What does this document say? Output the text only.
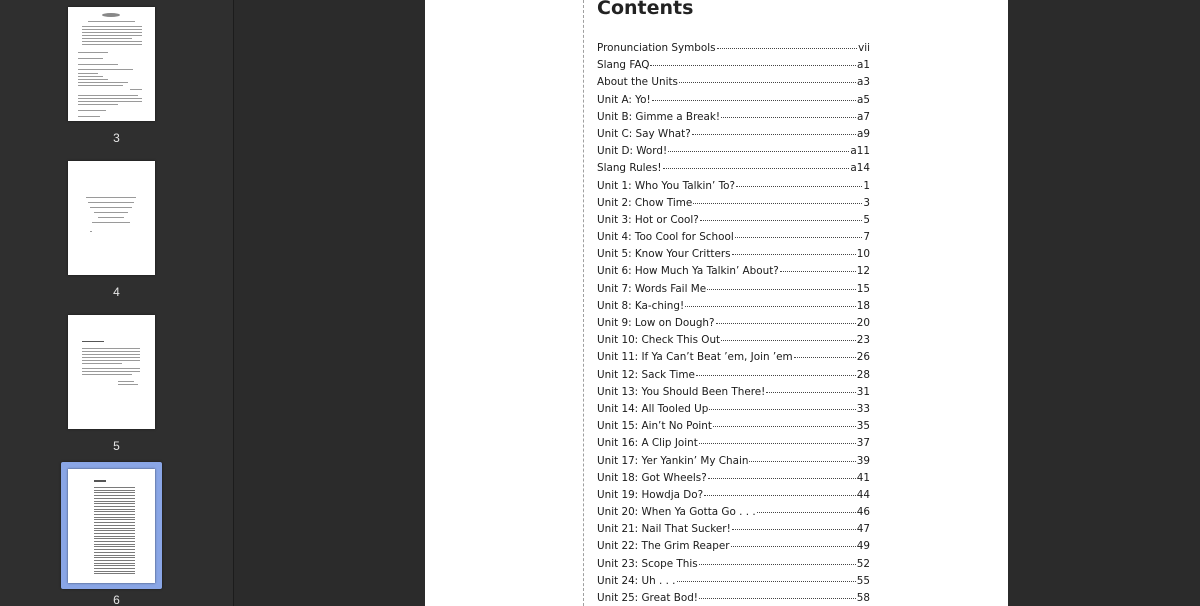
3
4
5
6
Contents
Pronunciation Symbols	vii
Slang FAQ	a1
About the Units	a3
Unit A: Yo!	a5
Unit B: Gimme a Break!	a7
Unit C: Say What?	a9
Unit D: Word!	a11
Slang Rules!	a14
Unit 1: Who You Talkin’ To?	1
Unit 2: Chow Time	3
Unit 3: Hot or Cool?	5
Unit 4: Too Cool for School	7
Unit 5: Know Your Critters	10
Unit 6: How Much Ya Talkin’ About?	12
Unit 7: Words Fail Me	15
Unit 8: Ka-ching!	18
Unit 9: Low on Dough?	20
Unit 10: Check This Out	23
Unit 11: If Ya Can’t Beat ’em, Join ’em	26
Unit 12: Sack Time	28
Unit 13: You Should Been There!	31
Unit 14: All Tooled Up	33
Unit 15: Ain’t No Point	35
Unit 16: A Clip Joint	37
Unit 17: Yer Yankin’ My Chain	39
Unit 18: Got Wheels?	41
Unit 19: Howdja Do?	44
Unit 20: When Ya Gotta Go . . .	46
Unit 21: Nail That Sucker!	47
Unit 22: The Grim Reaper	49
Unit 23: Scope This	52
Unit 24: Uh . . .	55
Unit 25: Great Bod!	58
